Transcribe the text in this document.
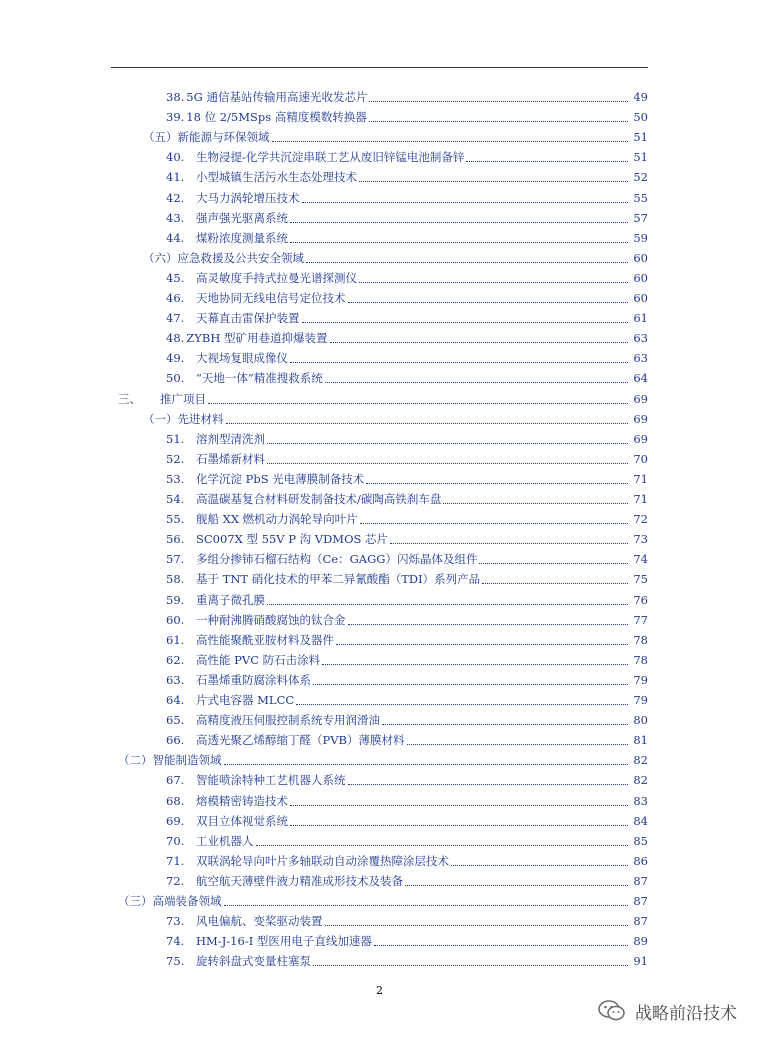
38. 5G 通信基站传输用高速光收发芯片	49
39. 18 位 2/5MSps 高精度模数转换器	50
（五） 新能源与环保领域	51
40.	生物浸提-化学共沉淀串联工艺从废旧锌锰电池制备锌	51
41.	小型城镇生活污水生态处理技术	52
42.	大马力涡轮增压技术	55
43.	强声强光驱离系统	57
44.	煤粉浓度测量系统	59
（六） 应急救援及公共安全领域	60
45.	高灵敏度手持式拉曼光谱探测仪	60
46.	天地协同无线电信号定位技术	60
47.	天幕直击雷保护装置	61
48. ZYBH 型矿用巷道抑爆装置	63
49.	大视场复眼成像仪	63
50.	“天地一体”精准搜救系统	64
三、	推广项目	69
（一） 先进材料	69
51.	溶剂型清洗剂	69
52.	石墨烯新材料	70
53.	化学沉淀 PbS 光电薄膜制备技术	71
54.	高温碳基复合材料研发制备技术/碳陶高铁刹车盘	71
55.	舰船 XX 燃机动力涡轮导向叶片	72
56.	SC007X 型 55V P 沟 VDMOS 芯片	73
57.	多组分掺铈石榴石结构（Ce：GAGG）闪烁晶体及组件	74
58.	基于 TNT 硝化技术的甲苯二异氰酸酯（TDI）系列产品	75
59.	重离子微孔膜	76
60.	一种耐沸腾硝酸腐蚀的钛合金	77
61.	高性能聚酰亚胺材料及器件	78
62.	高性能 PVC 防石击涂料	78
63.	石墨烯重防腐涂料体系	79
64.	片式电容器 MLCC	79
65.	高精度液压伺服控制系统专用润滑油	80
66.	高透光聚乙烯醇缩丁醛（PVB）薄膜材料	81
（二） 智能制造领域	82
67.	智能喷涂特种工艺机器人系统	82
68.	熔模精密铸造技术	83
69.	双目立体视觉系统	84
70.	工业机器人	85
71.	双联涡轮导向叶片多轴联动自动涂覆热障涂层技术	86
72.	航空航天薄壁件液力精准成形技术及装备	87
（三） 高端装备领域	87
73.	风电偏航、变桨驱动装置	87
74.	HM-J-16-I 型医用电子直线加速器	89
75.	旋转斜盘式变量柱塞泵	91
2
战略前沿技术
